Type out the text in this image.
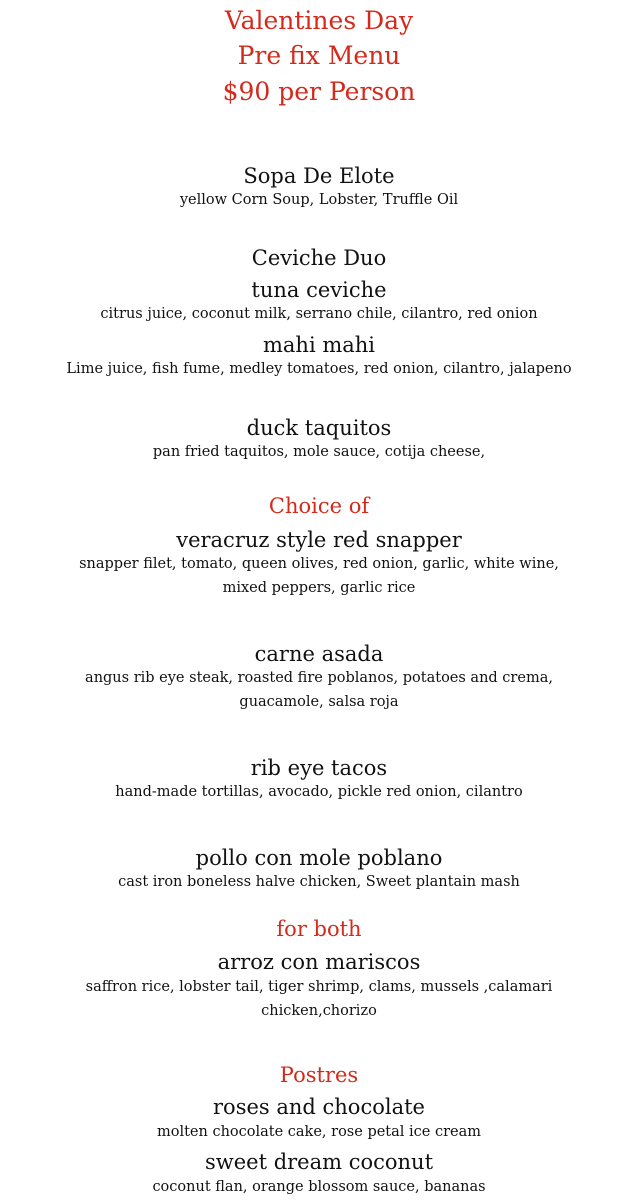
Valentines Day
Pre fix Menu
$90 per Person
Sopa De Elote
yellow Corn Soup, Lobster, Truffle Oil
Ceviche Duo
tuna ceviche
citrus juice, coconut milk, serrano chile, cilantro, red onion
mahi mahi
Lime juice, fish fume, medley tomatoes, red onion, cilantro, jalapeno
duck taquitos
pan fried taquitos, mole sauce, cotija cheese,
Choice of
veracruz style red snapper
snapper filet, tomato, queen olives, red onion, garlic, white wine,
mixed peppers, garlic rice
carne asada
angus rib eye steak, roasted fire poblanos, potatoes and crema,
guacamole, salsa roja
rib eye tacos
hand-made tortillas, avocado, pickle red onion, cilantro
pollo con mole poblano
cast iron boneless halve chicken, Sweet plantain mash
for both
arroz con mariscos
saffron rice, lobster tail, tiger shrimp, clams, mussels ,calamari
chicken,chorizo
Postres
roses and chocolate
molten chocolate cake, rose petal ice cream
sweet dream coconut
coconut flan, orange blossom sauce, bananas
